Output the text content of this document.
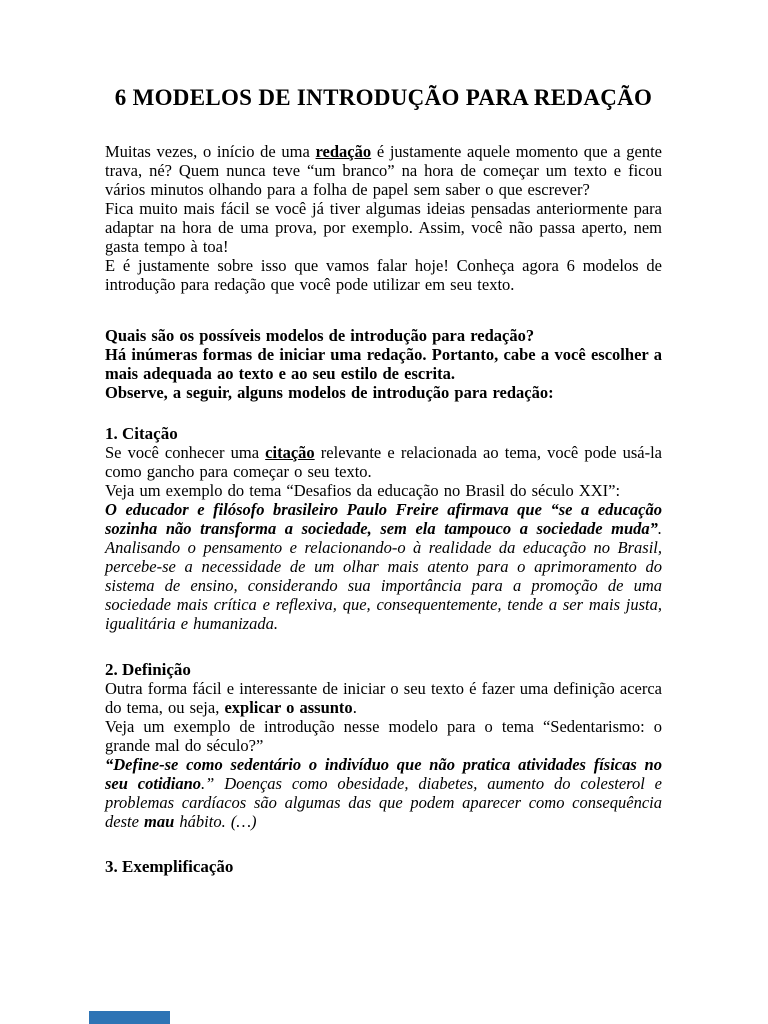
6 MODELOS DE INTRODUÇÃO PARA REDAÇÃO

Muitas vezes, o início de uma redação é justamente aquele momento que a gente trava, né? Quem nunca teve “um branco” na hora de começar um texto e ficou vários minutos olhando para a folha de papel sem saber o que escrever?

Fica muito mais fácil se você já tiver algumas ideias pensadas anteriormente para adaptar na hora de uma prova, por exemplo. Assim, você não passa aperto, nem gasta tempo à toa!

E é justamente sobre isso que vamos falar hoje! Conheça agora 6 modelos de introdução para redação que você pode utilizar em seu texto.

Quais são os possíveis modelos de introdução para redação?

Há inúmeras formas de iniciar uma redação. Portanto, cabe a você escolher a mais adequada ao texto e ao seu estilo de escrita.

Observe, a seguir, alguns modelos de introdução para redação:

1. Citação

Se você conhecer uma citação relevante e relacionada ao tema, você pode usá-la como gancho para começar o seu texto.

Veja um exemplo do tema “Desafios da educação no Brasil do século XXI”:

O educador e filósofo brasileiro Paulo Freire afirmava que “se a educação sozinha não transforma a sociedade, sem ela tampouco a sociedade muda”. Analisando o pensamento e relacionando-o à realidade da educação no Brasil, percebe-se a necessidade de um olhar mais atento para o aprimoramento do sistema de ensino, considerando sua importância para a promoção de uma sociedade mais crítica e reflexiva, que, consequentemente, tende a ser mais justa, igualitária e humanizada.

2. Definição

Outra forma fácil e interessante de iniciar o seu texto é fazer uma definição acerca do tema, ou seja, explicar o assunto.

Veja um exemplo de introdução nesse modelo para o tema “Sedentarismo: o grande mal do século?”

“Define-se como sedentário o indivíduo que não pratica atividades físicas no seu cotidiano.” Doenças como obesidade, diabetes, aumento do colesterol e problemas cardíacos são algumas das que podem aparecer como consequência deste mau hábito. (…)

3. Exemplificação
